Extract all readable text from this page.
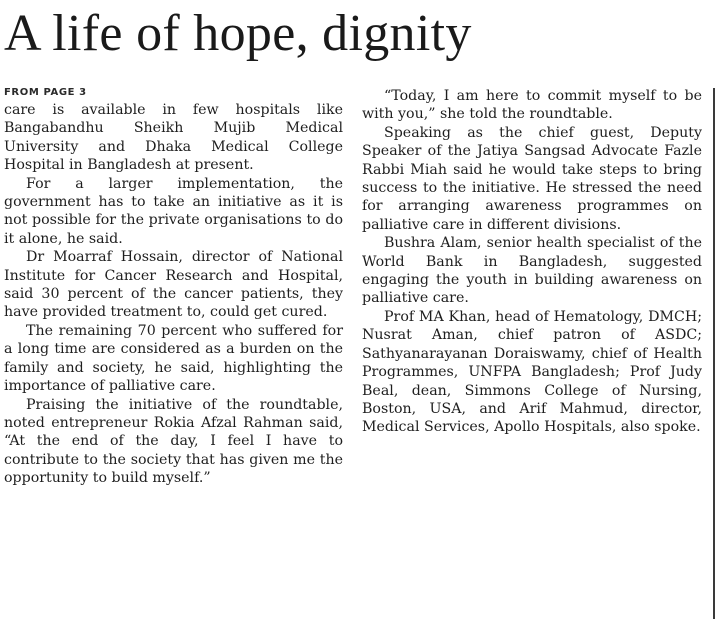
A life of hope, dignity
FROM PAGE 3

care is available in few hospitals like Bangabandhu Sheikh Mujib Medical University and Dhaka Medical College Hospital in Bangladesh at present.

For a larger implementation, the government has to take an initiative as it is not possible for the private organisations to do it alone, he said.

Dr Moarraf Hossain, director of National Institute for Cancer Research and Hospital, said 30 percent of the cancer patients, they have provided treatment to, could get cured.

The remaining 70 percent who suffered for a long time are considered as a burden on the family and society, he said, highlighting the importance of palliative care.

Praising the initiative of the roundtable, noted entrepreneur Rokia Afzal Rahman said, “At the end of the day, I feel I have to contribute to the society that has given me the opportunity to build myself.”

“Today, I am here to commit myself to be with you,” she told the roundtable.

Speaking as the chief guest, Deputy Speaker of the Jatiya Sangsad Advocate Fazle Rabbi Miah said he would take steps to bring success to the initiative. He stressed the need for arranging awareness programmes on palliative care in different divisions.

Bushra Alam, senior health specialist of the World Bank in Bangladesh, suggested engaging the youth in building awareness on palliative care.

Prof MA Khan, head of Hematology, DMCH; Nusrat Aman, chief patron of ASDC; Sathyanarayanan Doraiswamy, chief of Health Programmes, UNFPA Bangladesh; Prof Judy Beal, dean, Simmons College of Nursing, Boston, USA, and Arif Mahmud, director, Medical Services, Apollo Hospitals, also spoke.
